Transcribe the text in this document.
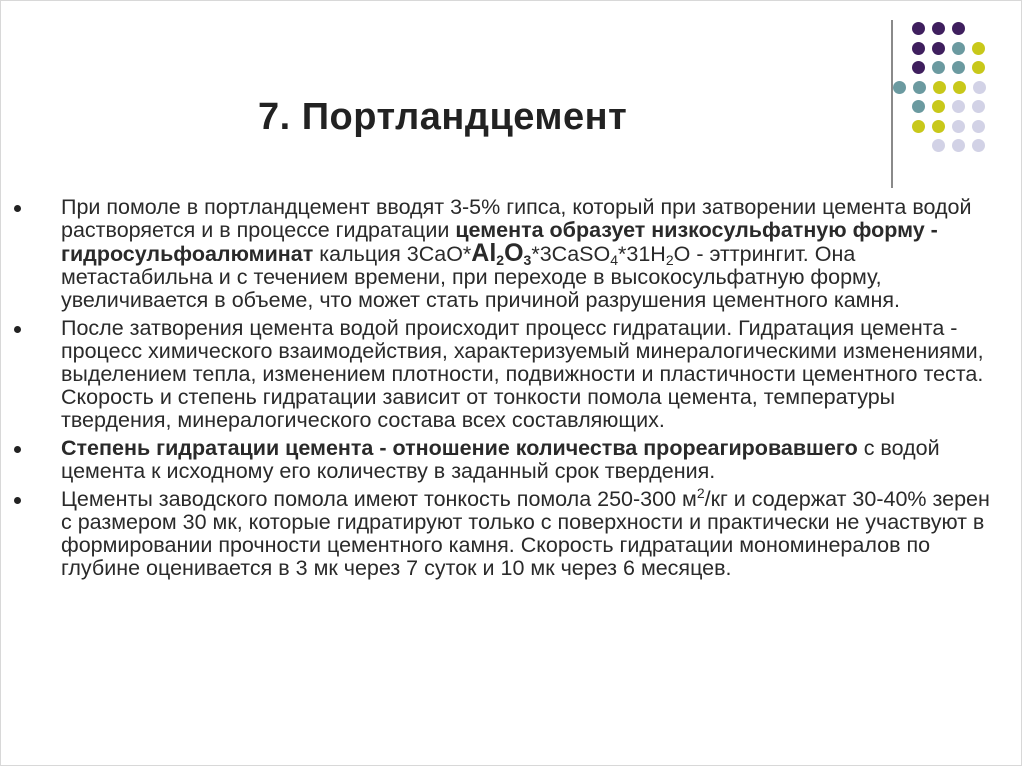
7. Портландцемент
При помоле в портландцемент вводят 3-5% гипса, который при затворении цемента водой растворяется и в процессе гидратации цемента образует низкосульфатную форму - гидросульфоалюминат кальция $3CaO*Al_2O_3*3CaSO_4*31H_2O$ - эттрингит. Она метастабильна и с течением времени, при переходе в высокосульфатную форму, увеличивается в объеме, что может стать причиной разрушения цементного камня.
После затворения цемента водой происходит процесс гидратации. Гидратация цемента - процесс химического взаимодействия, характеризуемый минералогическими изменениями, выделением тепла, изменением плотности, подвижности и пластичности цементного теста. Скорость и степень гидратации зависит от тонкости помола цемента, температуры твердения, минералогического состава всех составляющих.
Степень гидратации цемента - отношение количества прореагировавшего с водой цемента к исходному его количеству в заданный срок твердения.
Цементы заводского помола имеют тонкость помола 250-300 $м^2/кг$ и содержат 30-40% зерен с размером 30 мк, которые гидратируют только с поверхности и практически не участвуют в формировании прочности цементного камня. Скорость гидратации мономинералов по глубине оценивается в 3 мк через 7 суток и 10 мк через 6 месяцев.
